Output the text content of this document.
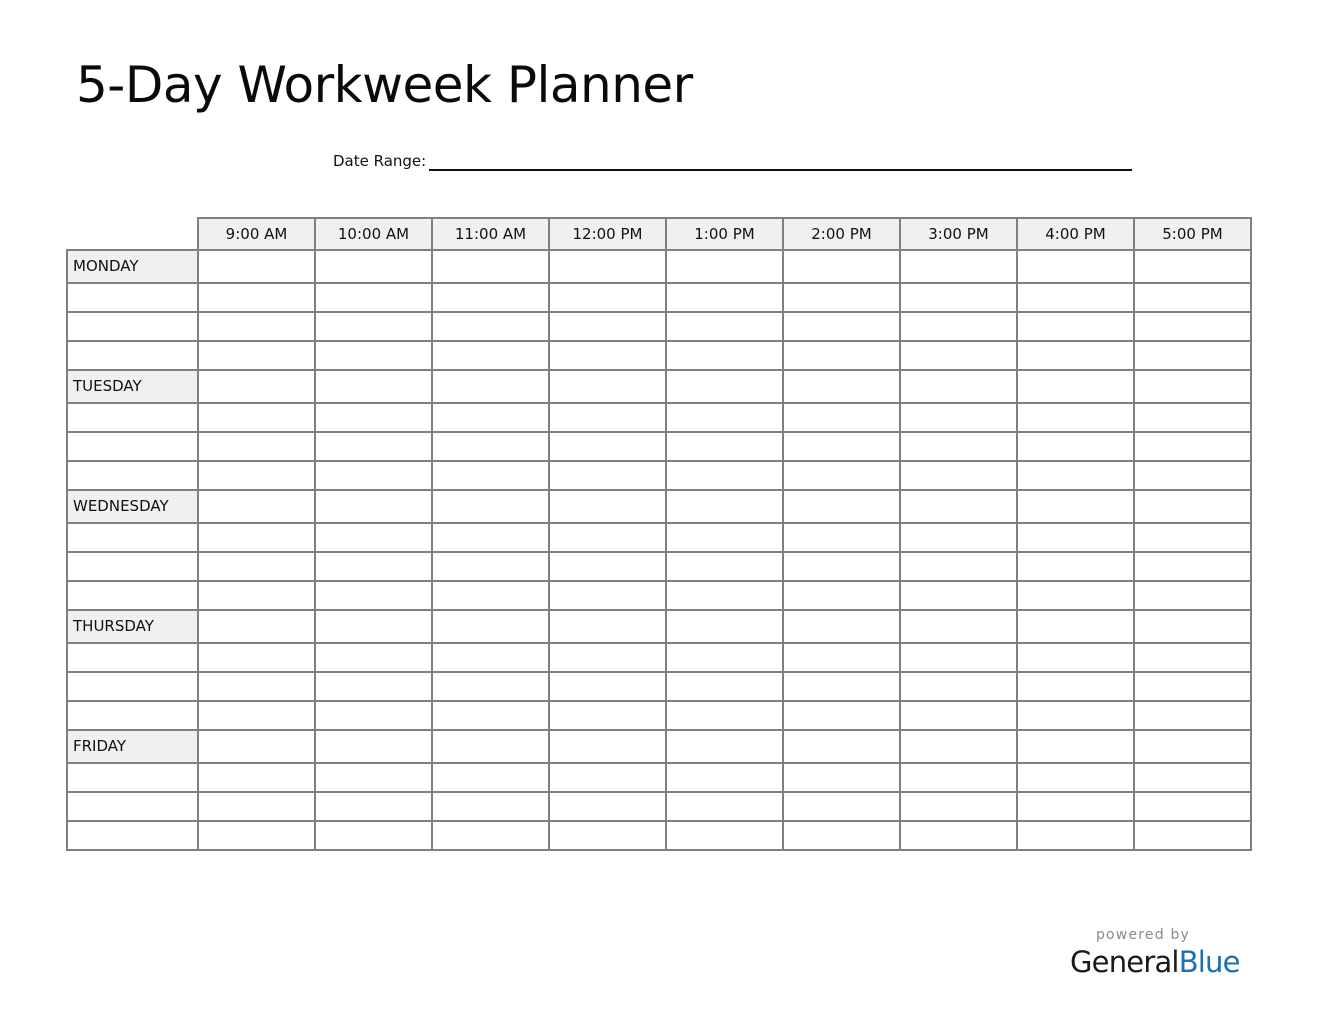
5-Day Workweek Planner
Date Range:
	9:00 AM	10:00 AM	11:00 AM	12:00 PM	1:00 PM	2:00 PM	3:00 PM	4:00 PM	5:00 PM

MONDAY									

TUESDAY									

WEDNESDAY									

THURSDAY									

FRIDAY									

powered by
GeneralBlue
